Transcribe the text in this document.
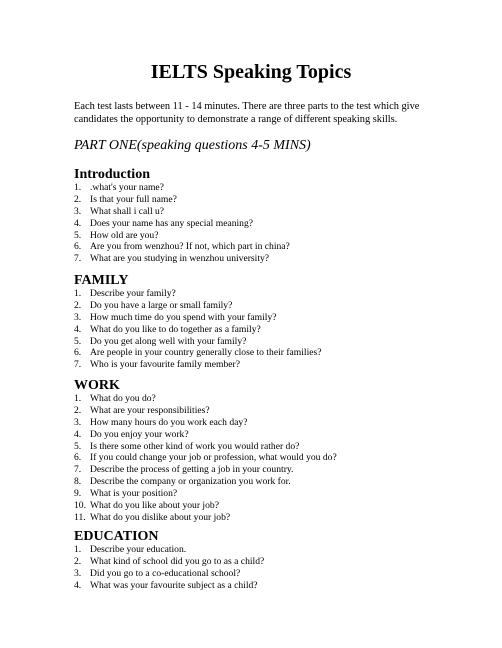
IELTS Speaking Topics

Each test lasts between 11 - 14 minutes. There are three parts to the test which give candidates the opportunity to demonstrate a range of different speaking skills.

PART ONE(speaking questions 4-5 MINS)

Introduction
1. .what's your name?
2. Is that your full name?
3. What shall i call u?
4. Does your name has any special meaning?
5. How old are you?
6. Are you from wenzhou? If not, which part in china?
7. What are you studying in wenzhou university?
FAMILY
1. Describe your family?
2. Do you have a large or small family?
3. How much time do you spend with your family?
4. What do you like to do together as a family?
5. Do you get along well with your family?
6. Are people in your country generally close to their families?
7. Who is your favourite family member?
WORK
1. What do you do?
2. What are your responsibilities?
3. How many hours do you work each day?
4. Do you enjoy your work?
5. Is there some other kind of work you would rather do?
6. If you could change your job or profession, what would you do?
7. Describe the process of getting a job in your country.
8. Describe the company or organization you work for.
9. What is your position?
10. What do you like about your job?
11. What do you dislike about your job?
EDUCATION
1. Describe your education.
2. What kind of school did you go to as a child?
3. Did you go to a co-educational school?
4. What was your favourite subject as a child?
